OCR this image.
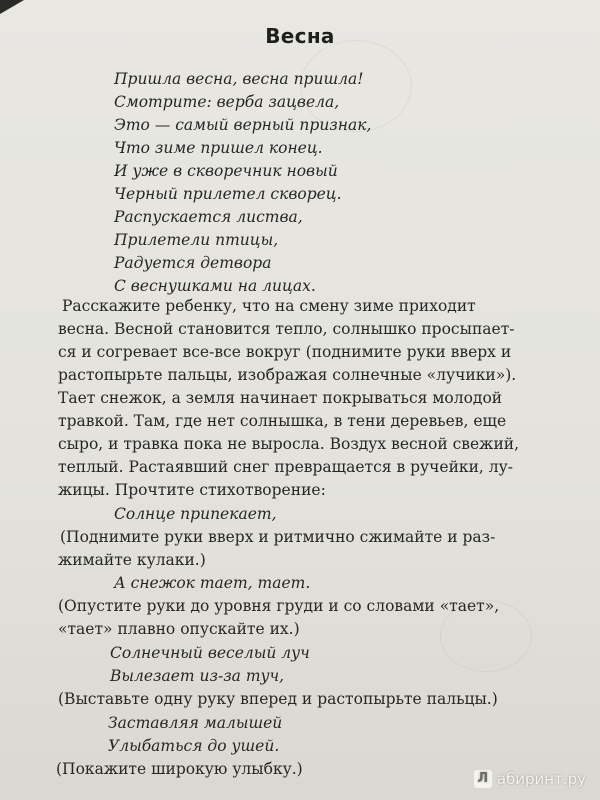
Весна
Пришла весна, весна пришла!
Смотрите: верба зацвела,
Это — самый верный признак,
Что зиме пришел конец.
И уже в скворечник новый
Черный прилетел скворец.
Распускается листва,
Прилетели птицы,
Радуется детвора
С веснушками на лицах.
Расскажите ребенку, что на смену зиме приходит
весна. Весной становится тепло, солнышко просыпает-
ся и согревает все-все вокруг (поднимите руки вверх и
растопырьте пальцы, изображая солнечные «лучики»).
Тает снежок, а земля начинает покрываться молодой
травкой. Там, где нет солнышка, в тени деревьев, еще
сыро, и травка пока не выросла. Воздух весной свежий,
теплый. Растаявший снег превращается в ручейки, лу-
жицы. Прочтите стихотворение:
Солнце припекает,
(Поднимите руки вверх и ритмично сжимайте и раз-
жимайте кулаки.)
А снежок тает, тает.
(Опустите руки до уровня груди и со словами «тает»,
«тает» плавно опускайте их.)
Солнечный веселый луч
Вылезает из-за туч,
(Выставьте одну руку вперед и растопырьте пальцы.)
Заставляя малышей
Улыбаться до ушей.
(Покажите широкую улыбку.)
Л абиринт.ру
